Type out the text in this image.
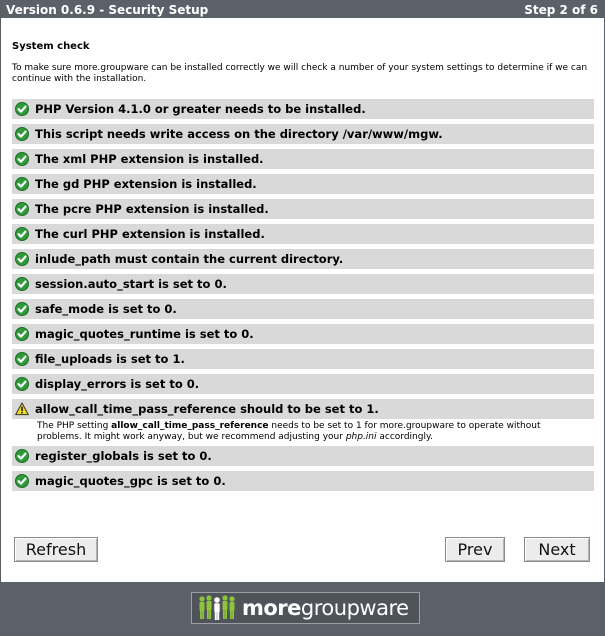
Version 0.6.9 - Security Setup	Step 2 of 6
System check
To make sure more.groupware can be installed correctly we will check a number of your system settings to determine if we can continue with the installation.
PHP Version 4.1.0 or greater needs to be installed.
This script needs write access on the directory /var/www/mgw.
The xml PHP extension is installed.
The gd PHP extension is installed.
The pcre PHP extension is installed.
The curl PHP extension is installed.
inlude_path must contain the current directory.
session.auto_start is set to 0.
safe_mode is set to 0.
magic_quotes_runtime is set to 0.
file_uploads is set to 1.
display_errors is set to 0.
allow_call_time_pass_reference should to be set to 1.
The PHP setting allow_call_time_pass_reference needs to be set to 1 for more.groupware to operate without problems. It might work anyway, but we recommend adjusting your php.ini accordingly.
register_globals is set to 0.
magic_quotes_gpc is set to 0.
Refresh	Prev	Next
more groupware
